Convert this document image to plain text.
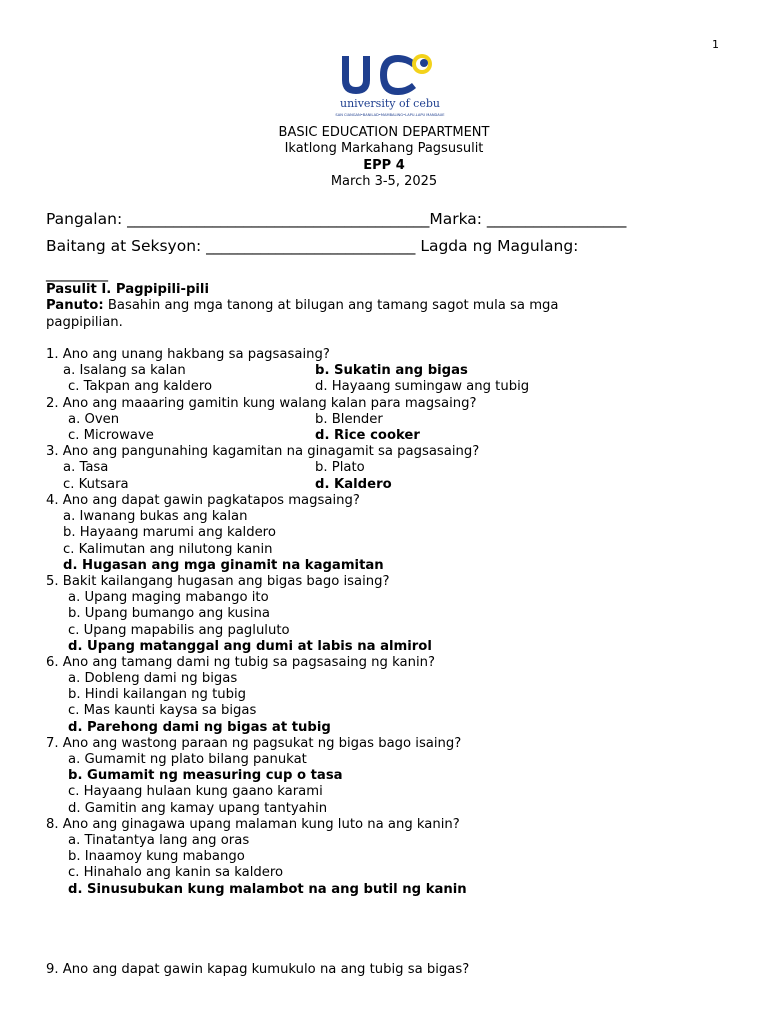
1
university of cebu
SAN CIANGAN•BANILAD•MAMBALING•LAPU-LAPU MANDAUE
BASIC EDUCATION DEPARTMENT
Ikatlong Markahang Pagsusulit
EPP 4
March 3-5, 2025
Pangalan: _______________________________________Marka: __________________
Baitang at Seksyon: ___________________________ Lagda ng Magulang:
________
Pasulit I. Pagpipili-pili
Panuto: Basahin ang mga tanong at bilugan ang tamang sagot mula sa mga
pagpipilian.
1. Ano ang unang hakbang sa pagsasaing?
a. Isalang sa kalan	b. Sukatin ang bigas
c. Takpan ang kaldero	d. Hayaang sumingaw ang tubig
2. Ano ang maaaring gamitin kung walang kalan para magsaing?
a. Oven	b. Blender
c. Microwave	d. Rice cooker
3. Ano ang pangunahing kagamitan na ginagamit sa pagsasaing?
a. Tasa	b. Plato
c. Kutsara	d. Kaldero
4. Ano ang dapat gawin pagkatapos magsaing?
a. Iwanang bukas ang kalan
b. Hayaang marumi ang kaldero
c. Kalimutan ang nilutong kanin
d. Hugasan ang mga ginamit na kagamitan
5. Bakit kailangang hugasan ang bigas bago isaing?
a. Upang maging mabango ito
b. Upang bumango ang kusina
c. Upang mapabilis ang pagluluto
d. Upang matanggal ang dumi at labis na almirol
6. Ano ang tamang dami ng tubig sa pagsasaing ng kanin?
a. Dobleng dami ng bigas
b. Hindi kailangan ng tubig
c. Mas kaunti kaysa sa bigas
d. Parehong dami ng bigas at tubig
7. Ano ang wastong paraan ng pagsukat ng bigas bago isaing?
a. Gumamit ng plato bilang panukat
b. Gumamit ng measuring cup o tasa
c. Hayaang hulaan kung gaano karami
d. Gamitin ang kamay upang tantyahin
8. Ano ang ginagawa upang malaman kung luto na ang kanin?
a. Tinatantya lang ang oras
b. Inaamoy kung mabango
c. Hinahalo ang kanin sa kaldero
d. Sinusubukan kung malambot na ang butil ng kanin
9. Ano ang dapat gawin kapag kumukulo na ang tubig sa bigas?
